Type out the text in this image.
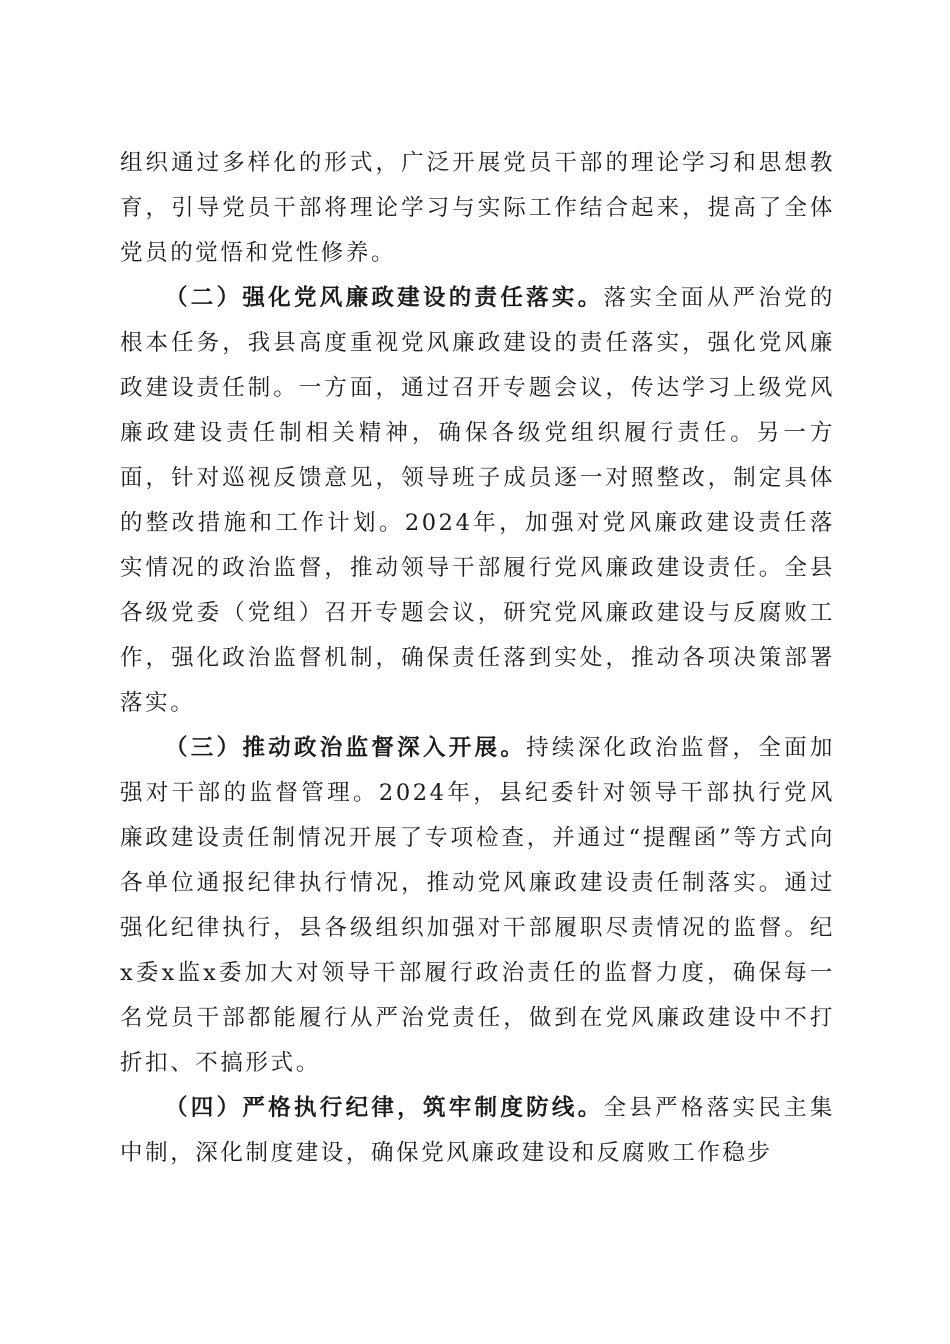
组织通过多样化的形式，广泛开展党员干部的理论学习和思想教育，引导党员干部将理论学习与实际工作结合起来，提高了全体党员的觉悟和党性修养。

（二）强化党风廉政建设的责任落实。落实全面从严治党的根本任务，我县高度重视党风廉政建设的责任落实，强化党风廉政建设责任制。一方面，通过召开专题会议，传达学习上级党风廉政建设责任制相关精神，确保各级党组织履行责任。另一方面，针对巡视反馈意见，领导班子成员逐一对照整改，制定具体的整改措施和工作计划。2024年，加强对党风廉政建设责任落实情况的政治监督，推动领导干部履行党风廉政建设责任。全县各级党委（党组）召开专题会议，研究党风廉政建设与反腐败工作，强化政治监督机制，确保责任落到实处，推动各项决策部署落实。

（三）推动政治监督深入开展。持续深化政治监督，全面加强对干部的监督管理。2024年，县纪委针对领导干部执行党风廉政建设责任制情况开展了专项检查，并通过“提醒函”等方式向各单位通报纪律执行情况，推动党风廉政建设责任制落实。通过强化纪律执行，县各级组织加强对干部履职尽责情况的监督。纪x委x监x委加大对领导干部履行政治责任的监督力度，确保每一名党员干部都能履行从严治党责任，做到在党风廉政建设中不打折扣、不搞形式。

（四）严格执行纪律，筑牢制度防线。全县严格落实民主集中制，深化制度建设，确保党风廉政建设和反腐败工作稳步
